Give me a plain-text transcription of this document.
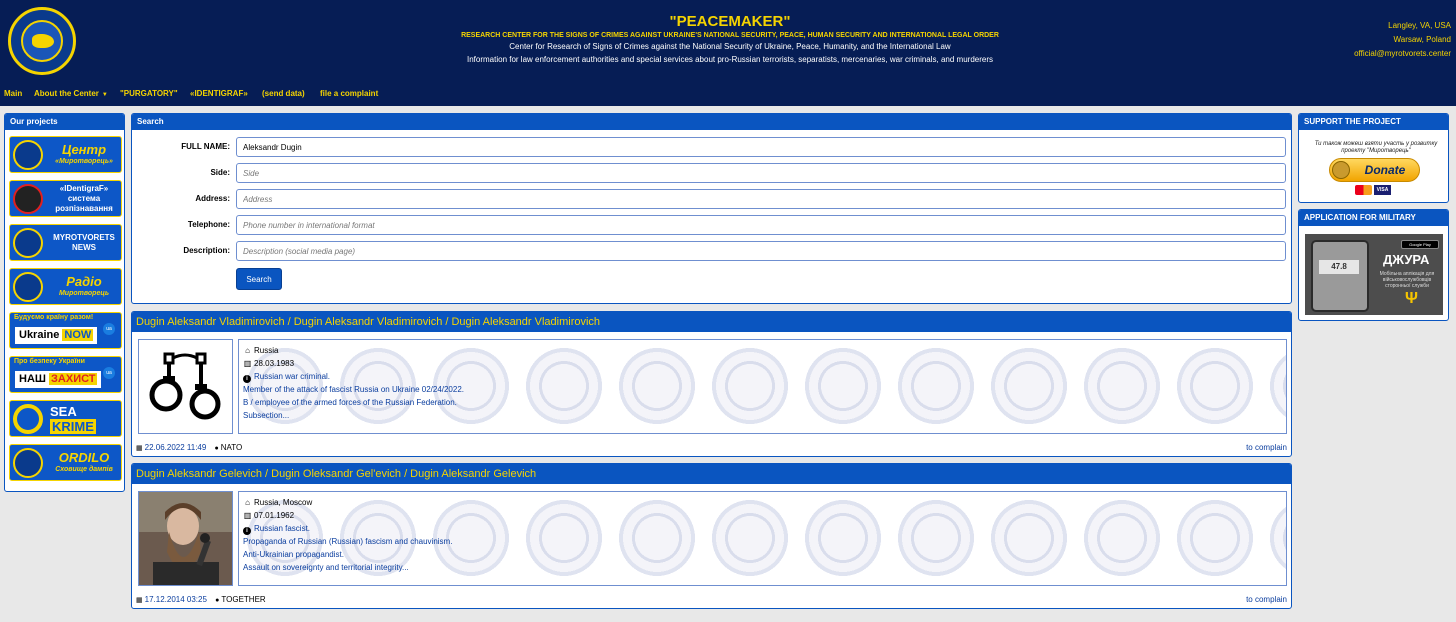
"PEACEMAKER"
RESEARCH CENTER FOR THE SIGNS OF CRIMES AGAINST UKRAINE'S NATIONAL SECURITY, PEACE, HUMAN SECURITY AND INTERNATIONAL LEGAL ORDER
Center for Research of Signs of Crimes against the National Security of Ukraine, Peace, Humanity, and the International Law
Information for law enforcement authorities and special services about pro-Russian terrorists, separatists, mercenaries, war criminals, and murderers
Langley, VA, USA
Warsaw, Poland
official@myrotvorets.center
Main About the Center ▼ "PURGATORY" «IDENTIGRAF» (send data) file a complaint
Our projects
Центр
«Миротворець»
«IDentigraF»
система
розпізнавання
MYROTVORETS
NEWS
Радіо
Миротворець
Будуємо країну разом!
Ukraine NOW	ua
Про безпеку України
НАШ ЗАХИСТ	ua
SEA
KRIME
ORDILO
Сховище дампів
Search
FULL NAME:
Aleksandr Dugin
Side:
Side
Address:
Address
Telephone:
Phone number in international format
Description:
Description (social media page)
Search
Dugin Aleksandr Vladimirovich / Dugin Aleksandr Vladimirovich / Dugin Aleksandr Vladimirovich
⌂ Russia
▥ 28.03.1983
i Russian war criminal.
Member of the attack of fascist Russia on Ukraine 02/24/2022.
B / employee of the armed forces of the Russian Federation.
Subsection...
▦ 22.06.2022 11:49 ● NATO	to complain
Dugin Aleksandr Gelevich / Dugin Oleksandr Gel'evich / Dugin Aleksandr Gelevich
⌂ Russia, Moscow
▥ 07.01.1962
i Russian fascist.
Propaganda of Russian (Russian) fascism and chauvinism.
Anti-Ukrainian propagandist.
Assault on sovereignty and territorial integrity...
▦ 17.12.2014 03:25 ● TOGETHER	to complain
SUPPORT THE PROJECT
Ти також можеш взяти участь у розвитку проекту "Миротворець"
Donate
VISA
APPLICATION FOR MILITARY
47.8
Google Play
ДЖУРА
Мобільна аплікація для військовослужбовців сторонньої служби
Ψ
